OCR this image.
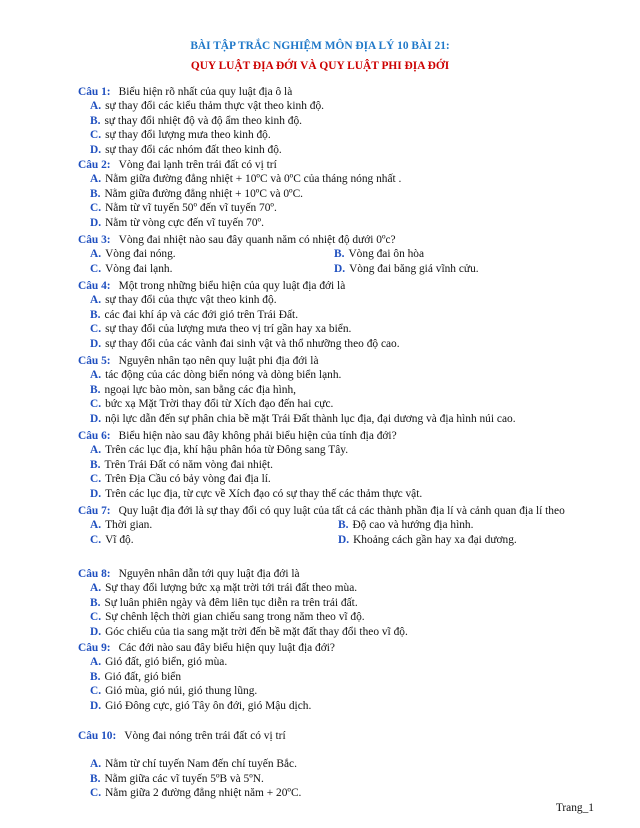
BÀI TẬP TRẮC NGHIỆM MÔN ĐỊA LÝ 10 BÀI 21:
QUY LUẬT ĐỊA ĐỚI VÀ QUY LUẬT PHI ĐỊA ĐỚI
Câu 1: Biểu hiện rõ nhất của quy luật địa ô là
A. sự thay đổi các kiểu thảm thực vật theo kinh độ.
B. sự thay đổi nhiệt độ và độ ẩm theo kinh độ.
C. sự thay đổi lượng mưa theo kinh độ.
D. sự thay đổi các nhóm đất theo kinh độ.
Câu 2: Vòng đai lạnh trên trái đất có vị trí
A. Nằm giữa đường đẳng nhiệt + 10ºC và 0ºC của tháng nóng nhất .
B. Nằm giữa đường đẳng nhiệt + 10ºC và 0ºC.
C. Nằm từ vĩ tuyến 50º đến vĩ tuyến 70º.
D. Nằm từ vòng cực đến vĩ tuyến 70º.
Câu 3: Vòng đai nhiệt nào sau đây quanh năm có nhiệt độ dưới 0ºc?
A. Vòng đai nóng.	B. Vòng đai ôn hòa
C. Vòng đai lạnh.	D. Vòng đai băng giá vĩnh cửu.
Câu 4: Một trong những biểu hiện của quy luật địa đới là
A. sự thay đổi của thực vật theo kinh độ.
B. các đai khí áp và các đới gió trên Trái Đất.
C. sự thay đổi của lượng mưa theo vị trí gần hay xa biển.
D. sự thay đổi của các vành đai sinh vật và thổ nhưỡng theo độ cao.
Câu 5: Nguyên nhân tạo nên quy luật phi địa đới là
A. tác động của các dòng biển nóng và dòng biển lạnh.
B. ngoại lực bào mòn, san bằng các địa hình,
C. bức xạ Mặt Trời thay đổi từ Xích đạo đến hai cực.
D. nội lực dẫn đến sự phân chia bề mặt Trái Đất thành lục địa, đại dương và địa hình núi cao.
Câu 6: Biểu hiện nào sau đây không phải biểu hiện của tính địa đới?
A. Trên các lục địa, khí hậu phân hóa từ Đông sang Tây.
B. Trên Trái Đất có năm vòng đai nhiệt.
C. Trên Địa Cầu có bảy vòng đai địa lí.
D. Trên các lục địa, từ cực về Xích đạo có sự thay thế các thảm thực vật.
Câu 7: Quy luật địa đới là sự thay đổi có quy luật của tất cả các thành phần địa lí và cảnh quan địa lí theo
A. Thời gian.	B. Độ cao và hướng địa hình.
C. Vĩ độ.	D. Khoảng cách gần hay xa đại dương.
Câu 8: Nguyên nhân dẫn tới quy luật địa đới là
A. Sự thay đổi lượng bức xạ mặt trời tới trái đất theo mùa.
B. Sự luân phiên ngày và đêm liên tục diễn ra trên trái đất.
C. Sự chênh lệch thời gian chiếu sang trong năm theo vĩ độ.
D. Góc chiếu của tia sang mặt trời đến bề mặt đất thay đổi theo vĩ độ.
Câu 9: Các đới nào sau đây biểu hiện quy luật địa đới?
A. Gió đất, gió biển, gió mùa.
B. Gió đất, gió biển
C. Gió mùa, gió núi, gió thung lũng.
D. Gió Đông cực, gió Tây ôn đới, gió Mậu dịch.
Câu 10: Vòng đai nóng trên trái đất có vị trí
A. Nằm từ chí tuyến Nam đến chí tuyến Bắc.
B. Nằm giữa các vĩ tuyến 5ºB và 5ºN.
C. Nằm giữa 2 đường đẳng nhiệt năm + 20ºC.
Trang_1
